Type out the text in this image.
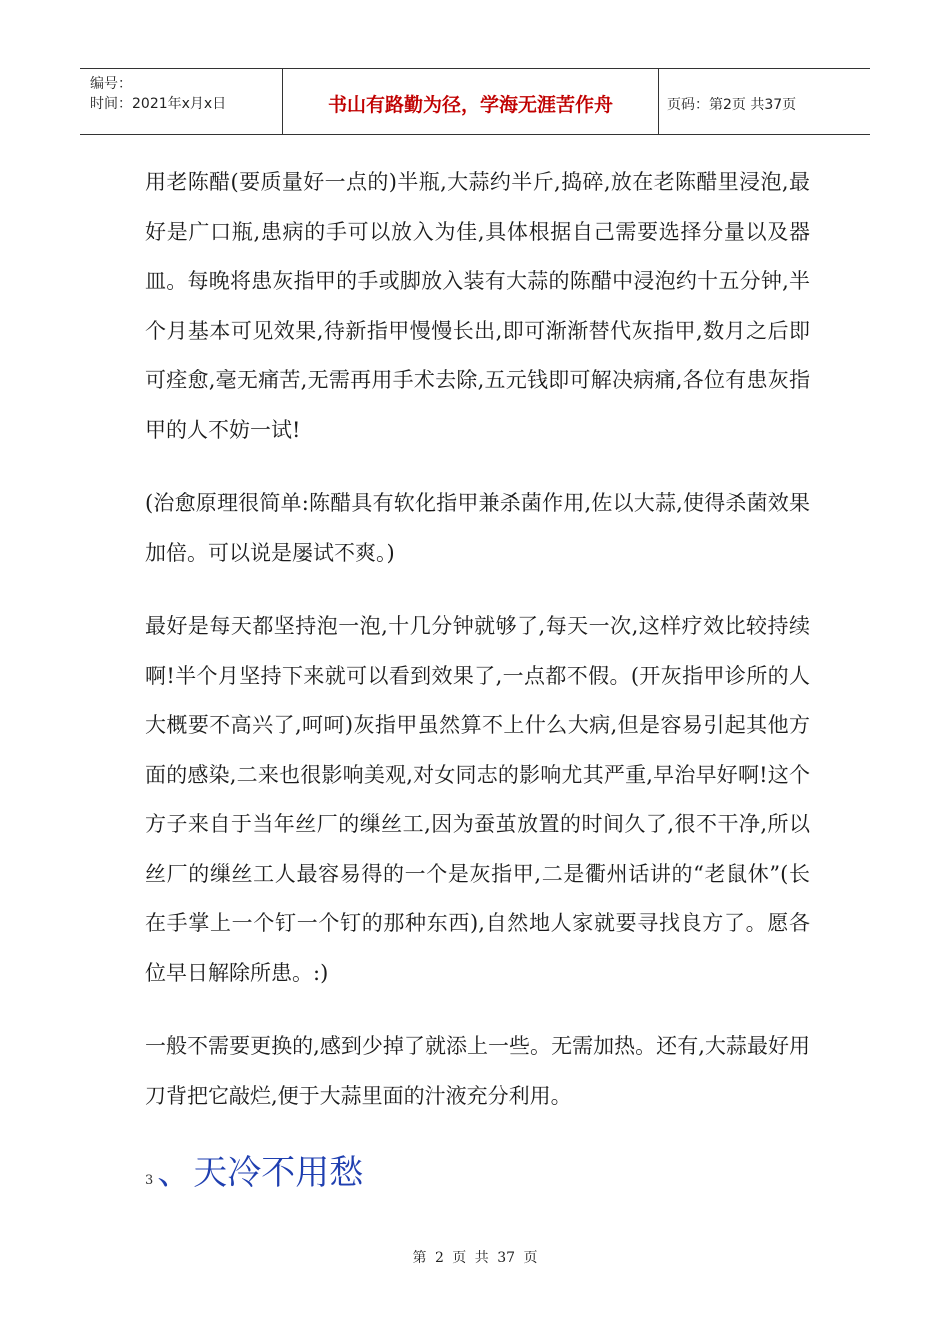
编号：
时间：2021年x月x日	书山有路勤为径，学海无涯苦作舟	页码：第2页 共37页

用老陈醋(要质量好一点的)半瓶,大蒜约半斤,捣碎,放在老陈醋里浸泡,最好是广口瓶,患病的手可以放入为佳,具体根据自己需要选择分量以及器皿。每晚将患灰指甲的手或脚放入装有大蒜的陈醋中浸泡约十五分钟,半个月基本可见效果,待新指甲慢慢长出,即可渐渐替代灰指甲,数月之后即可痊愈,毫无痛苦,无需再用手术去除,五元钱即可解决病痛,各位有患灰指甲的人不妨一试!

(治愈原理很简单:陈醋具有软化指甲兼杀菌作用,佐以大蒜,使得杀菌效果加倍。可以说是屡试不爽。)

最好是每天都坚持泡一泡,十几分钟就够了,每天一次,这样疗效比较持续啊!半个月坚持下来就可以看到效果了,一点都不假。(开灰指甲诊所的人大概要不高兴了,呵呵)灰指甲虽然算不上什么大病,但是容易引起其他方面的感染,二来也很影响美观,对女同志的影响尤其严重,早治早好啊!这个方子来自于当年丝厂的缫丝工,因为蚕茧放置的时间久了,很不干净,所以丝厂的缫丝工人最容易得的一个是灰指甲,二是衢州话讲的“老鼠休”(长在手掌上一个钉一个钉的那种东西),自然地人家就要寻找良方了。愿各位早日解除所患。:)

一般不需要更换的,感到少掉了就添上一些。无需加热。还有,大蒜最好用刀背把它敲烂,便于大蒜里面的汁液充分利用。

3 、 天冷不用愁
第 2 页 共 37 页
